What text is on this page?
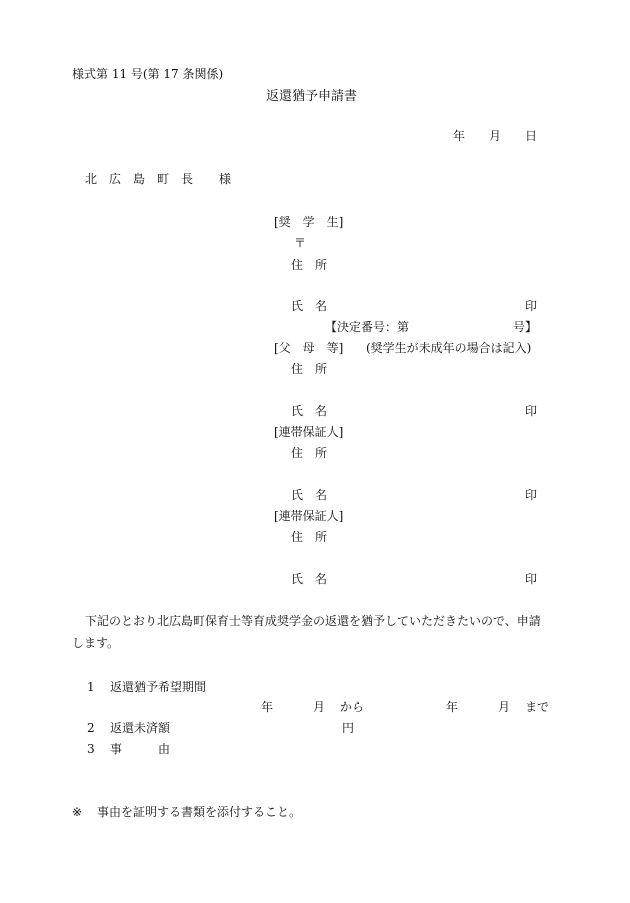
様式第 11 号(第 17 条関係)
返還猶予申請書
年 月 日
北　広　島　町　長 様
[奨　学　生]
〒
住　所
氏　名	印
【決定番号：第	号】
[父　母　等] (奨学生が未成年の場合は記入)
住　所
氏　名	印
[連帯保証人]
住　所
氏　名	印
[連帯保証人]
住　所
氏　名	印
下記のとおり北広島町保育士等育成奨学金の返還を猶予していただきたいので、申請
します。
1 返還猶予希望期間
年	月 から	年	月 まで
2 返還未済額	円
3 事	由
※ 事由を証明する書類を添付すること。
